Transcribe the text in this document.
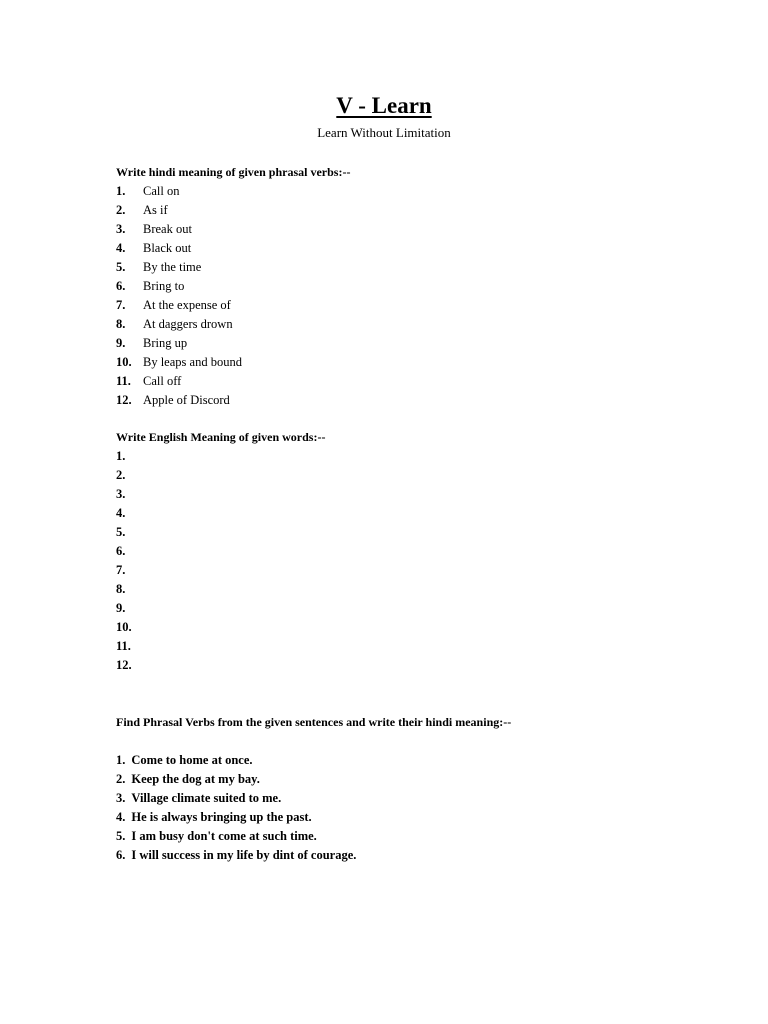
V - Learn
Learn Without Limitation
Write hindi meaning of given phrasal verbs:--
1. Call on
2. As if
3. Break out
4. Black out
5. By the time
6. Bring to
7. At the expense of
8. At daggers drown
9. Bring up
10. By leaps and bound
11. Call off
12. Apple of Discord
Write English Meaning of given words:--
1.
2.
3.
4.
5.
6.
7.
8.
9.
10.
11.
12.
Find Phrasal Verbs from the given sentences and write their hindi meaning:--
1. Come to home at once.
2. Keep the dog at my bay.
3. Village climate suited to me.
4. He is always bringing up the past.
5. I am busy don't come at such time.
6. I will success in my life by dint of courage.
